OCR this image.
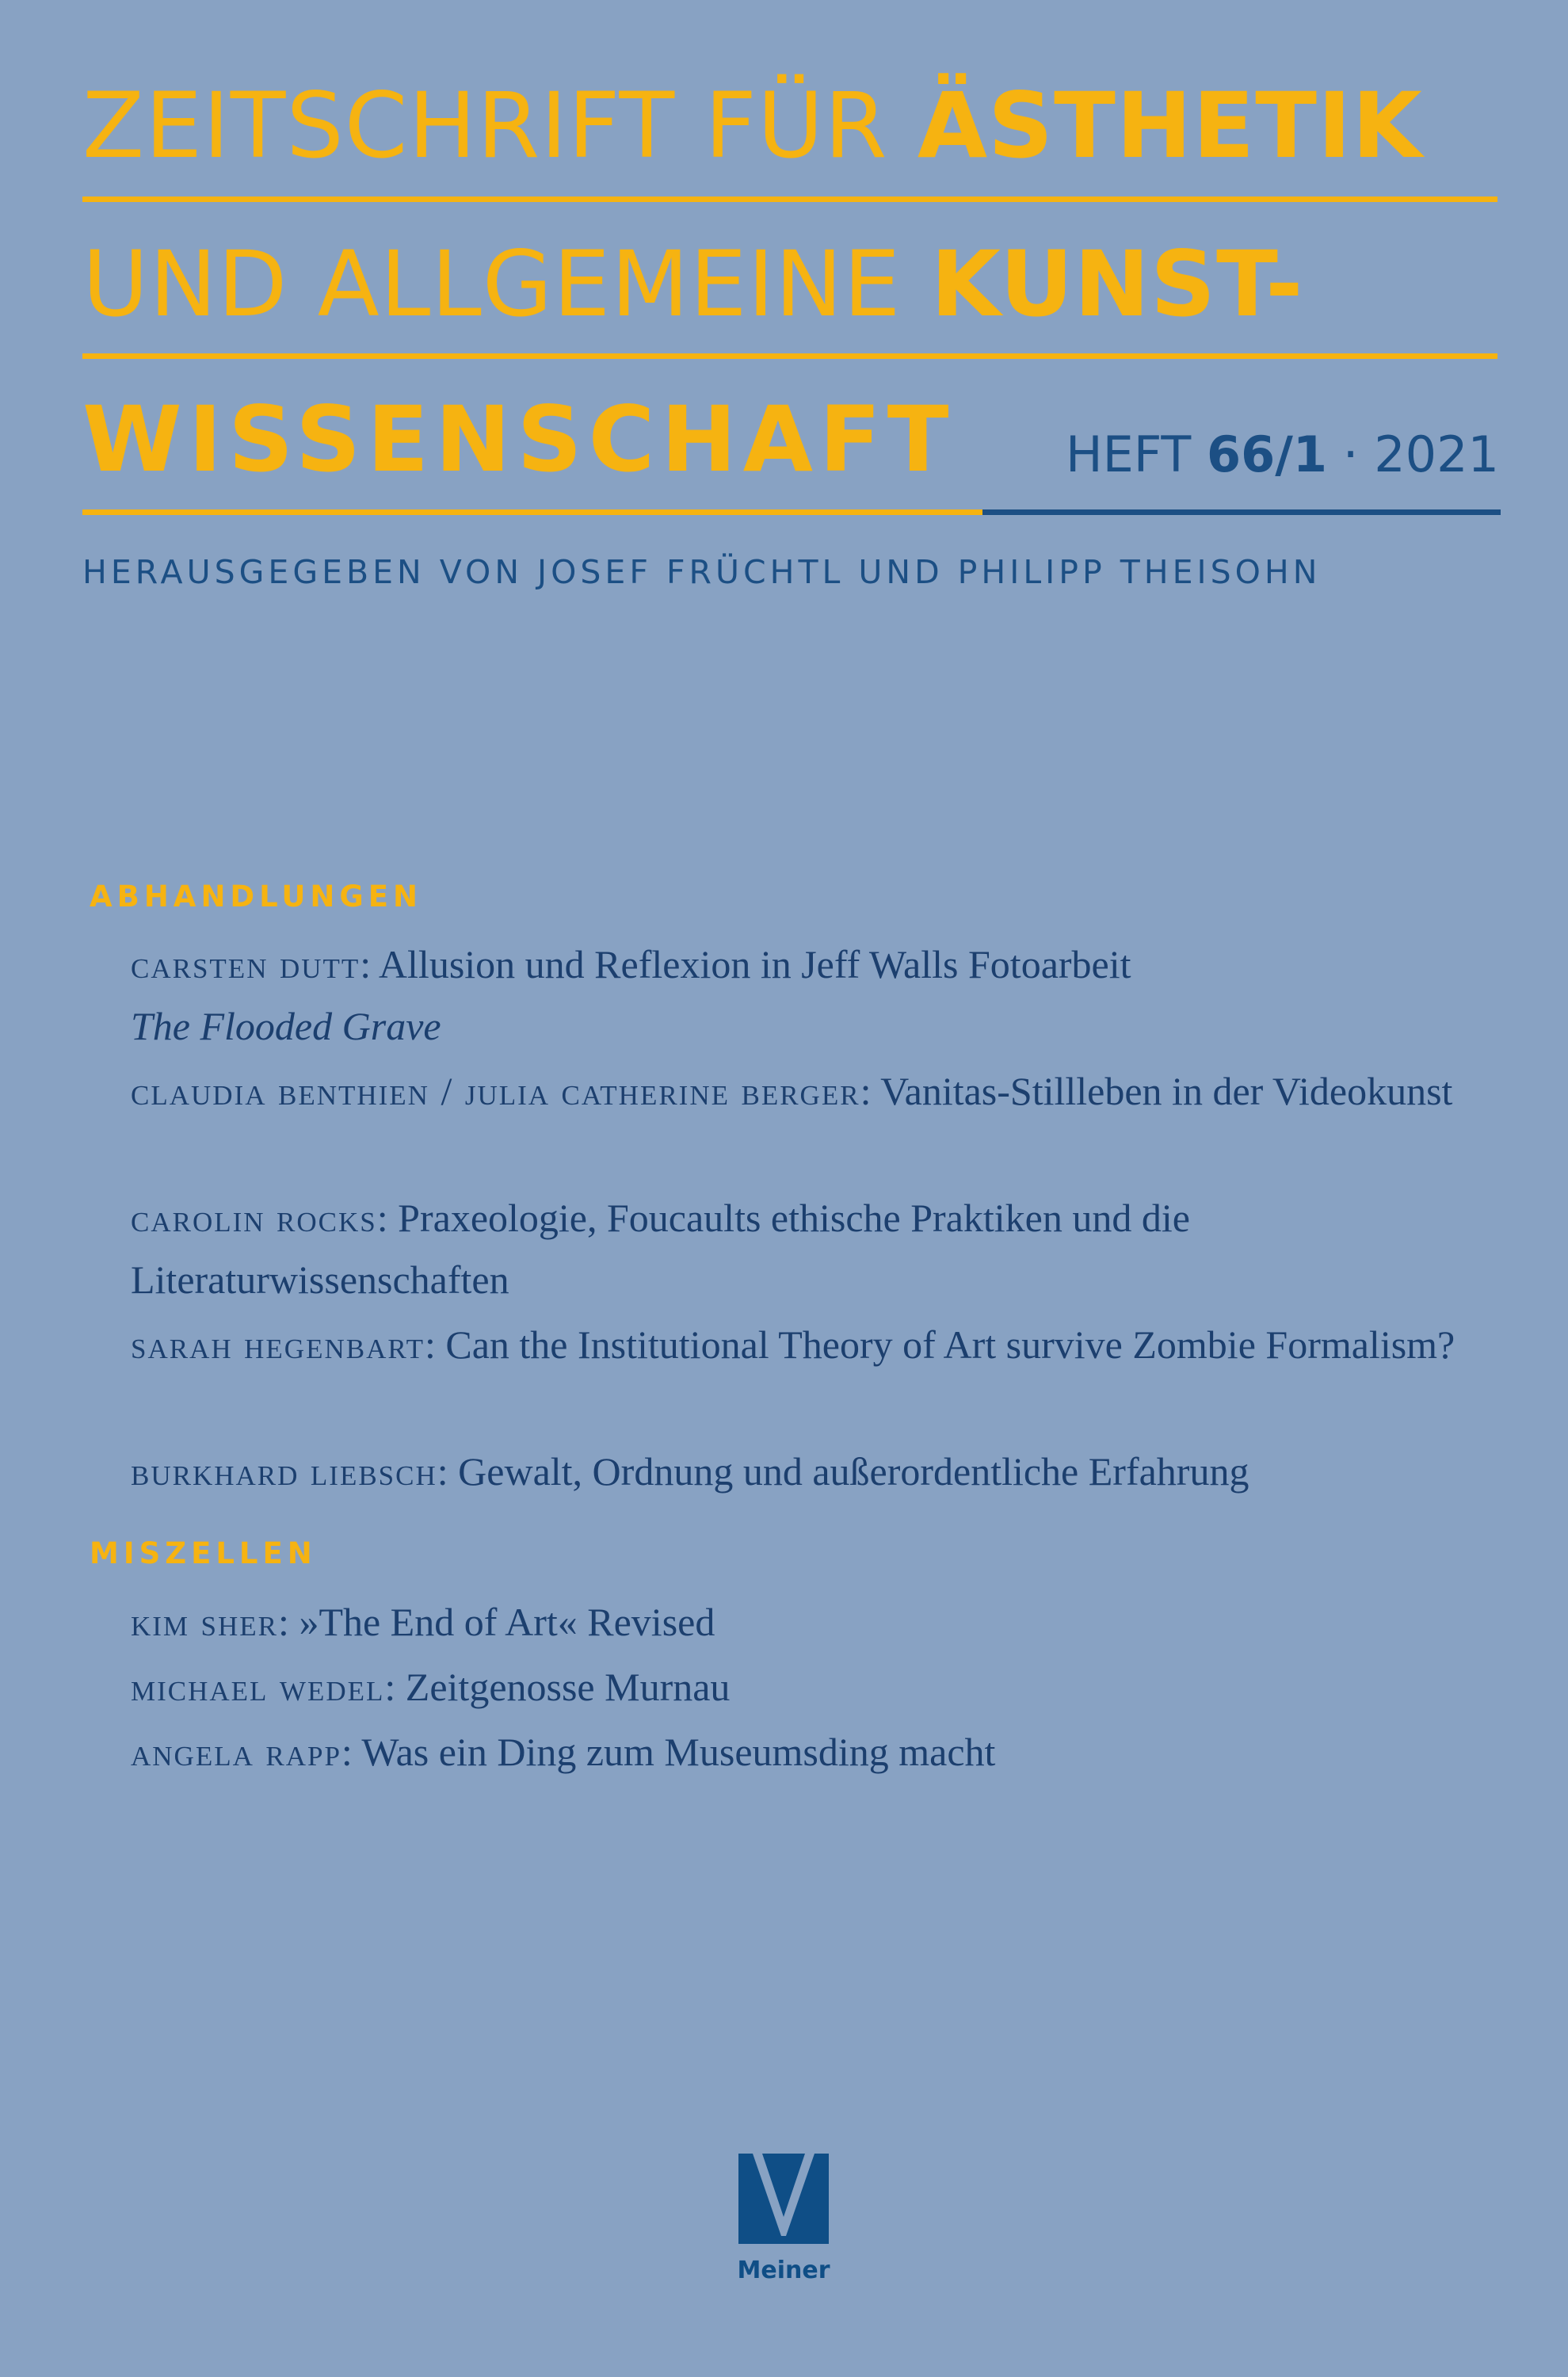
ZEITSCHRIFT FÜR ÄSTHETIK
UND ALLGEMEINE KUNST-
WISSENSCHAFT HEFT 66/1 · 2021

HERAUSGEGEBEN VON JOSEF FRÜCHTL UND PHILIPP THEISOHN

ABHANDLUNGEN

carsten dutt: Allusion und Reflexion in Jeff Walls Fotoarbeit
The Flooded Grave

claudia benthien / julia catherine berger: Vanitas-Stillleben in der Videokunst

carolin rocks: Praxeologie, Foucaults ethische Praktiken und die Literaturwissenschaften

sarah hegenbart: Can the Institutional Theory of Art survive Zombie Formalism?

burkhard liebsch: Gewalt, Ordnung und außerordentliche Erfahrung

MISZELLEN

kim sher: »The End of Art« Revised

michael wedel: Zeitgenosse Murnau

angela rapp: Was ein Ding zum Museumsding macht

Meiner
